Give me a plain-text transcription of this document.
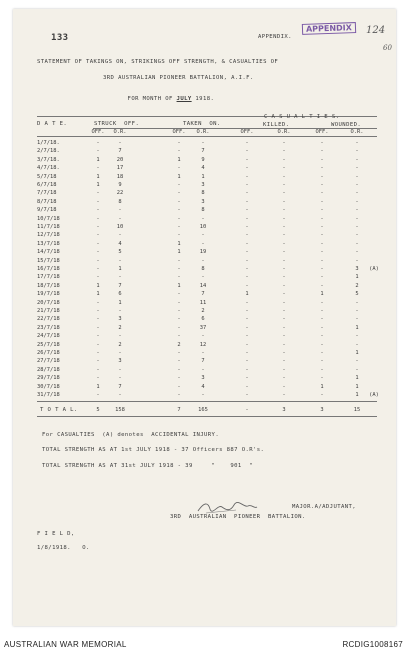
133	APPENDIX.
APPENDIX	124
60
STATEMENT OF TAKINGS ON, STRIKINGS OFF STRENGTH, & CASUALTIES OF
3RD AUSTRALIAN PIONEER BATTALION, A.I.F.

FOR MONTH OF JULY 1918.

D A T E.	STRUCK  OFF.	TAKEN  ON.
C A S U A L T I E S.
KILLED.	WOUNDED.
OFF.	O.R.	OFF.	O.R.	OFF.	O.R.	OFF.	O.R.
1/7/18.	-	-	-	-	-	-	-	-
2/7/18.	-	7	-	7	-	-	-	-
3/7/18.	1	20	1	9	-	-	-	-
4/7/18.	-	17	-	4	-	-	-	-
5/7/18	1	18	1	1	-	-	-	-
6/7/18	1	9	-	3	-	-	-	-
7/7/18	-	22	-	8	-	-	-	-
8/7/18	-	8	-	3	-	-	-	-
9/7/18	-	-	-	8	-	-	-	-
10/7/18	-	-	-	-	-	-	-	-
11/7/18	-	10	-	10	-	-	-	-
12/7/18	-	-	-	-	-	-	-	-
13/7/18	-	4	1	-	-	-	-	-
14/7/18	-	5	1	19	-	-	-	-
15/7/18	-	-	-	-	-	-	-	-
16/7/18	-	1	-	8	-	-	-	3	(A)
17/7/18	-	-	-	-	-	-	-	1
18/7/18	1	7	1	14	-	-	-	2
19/7/18	1	6	-	7	1	-	1	5
20/7/18	-	1	-	11	-	-	-	-
21/7/18	-	-	-	2	-	-	-	-
22/7/18	-	3	-	6	-	-	-	-
23/7/18	-	2	-	37	-	-	-	1
24/7/18	-	-	-	-	-	-	-	-
25/7/18	-	2	2	12	-	-	-	-
26/7/18	-	-	-	-	-	-	-	1
27/7/18	-	3	-	7	-	-	-	-
28/7/18	-	-	-	-	-	-	-	-
29/7/18	-	-	-	3	-	-	-	1
30/7/18	1	7	-	4	-	-	1	1
31/7/18	-	-	-	-	-	-	-	1	(A)
T O T A L.	5	158	7	165	-	3	3	15
For CASUALTIES  (A) denotes  ACCIDENTAL INJURY.
TOTAL STRENGTH AS AT 1st JULY 1918 - 37 Officers 887 O.R's.
TOTAL STRENGTH AS AT 31st JULY 1918 - 39     "    901  "
MAJOR.A/ADJUTANT,
3RD  AUSTRALIAN  PIONEER  BATTALION.
F I E L D,
1/8/1918.   O.
AUSTRALIAN WAR MEMORIAL	RCDIG1008167
